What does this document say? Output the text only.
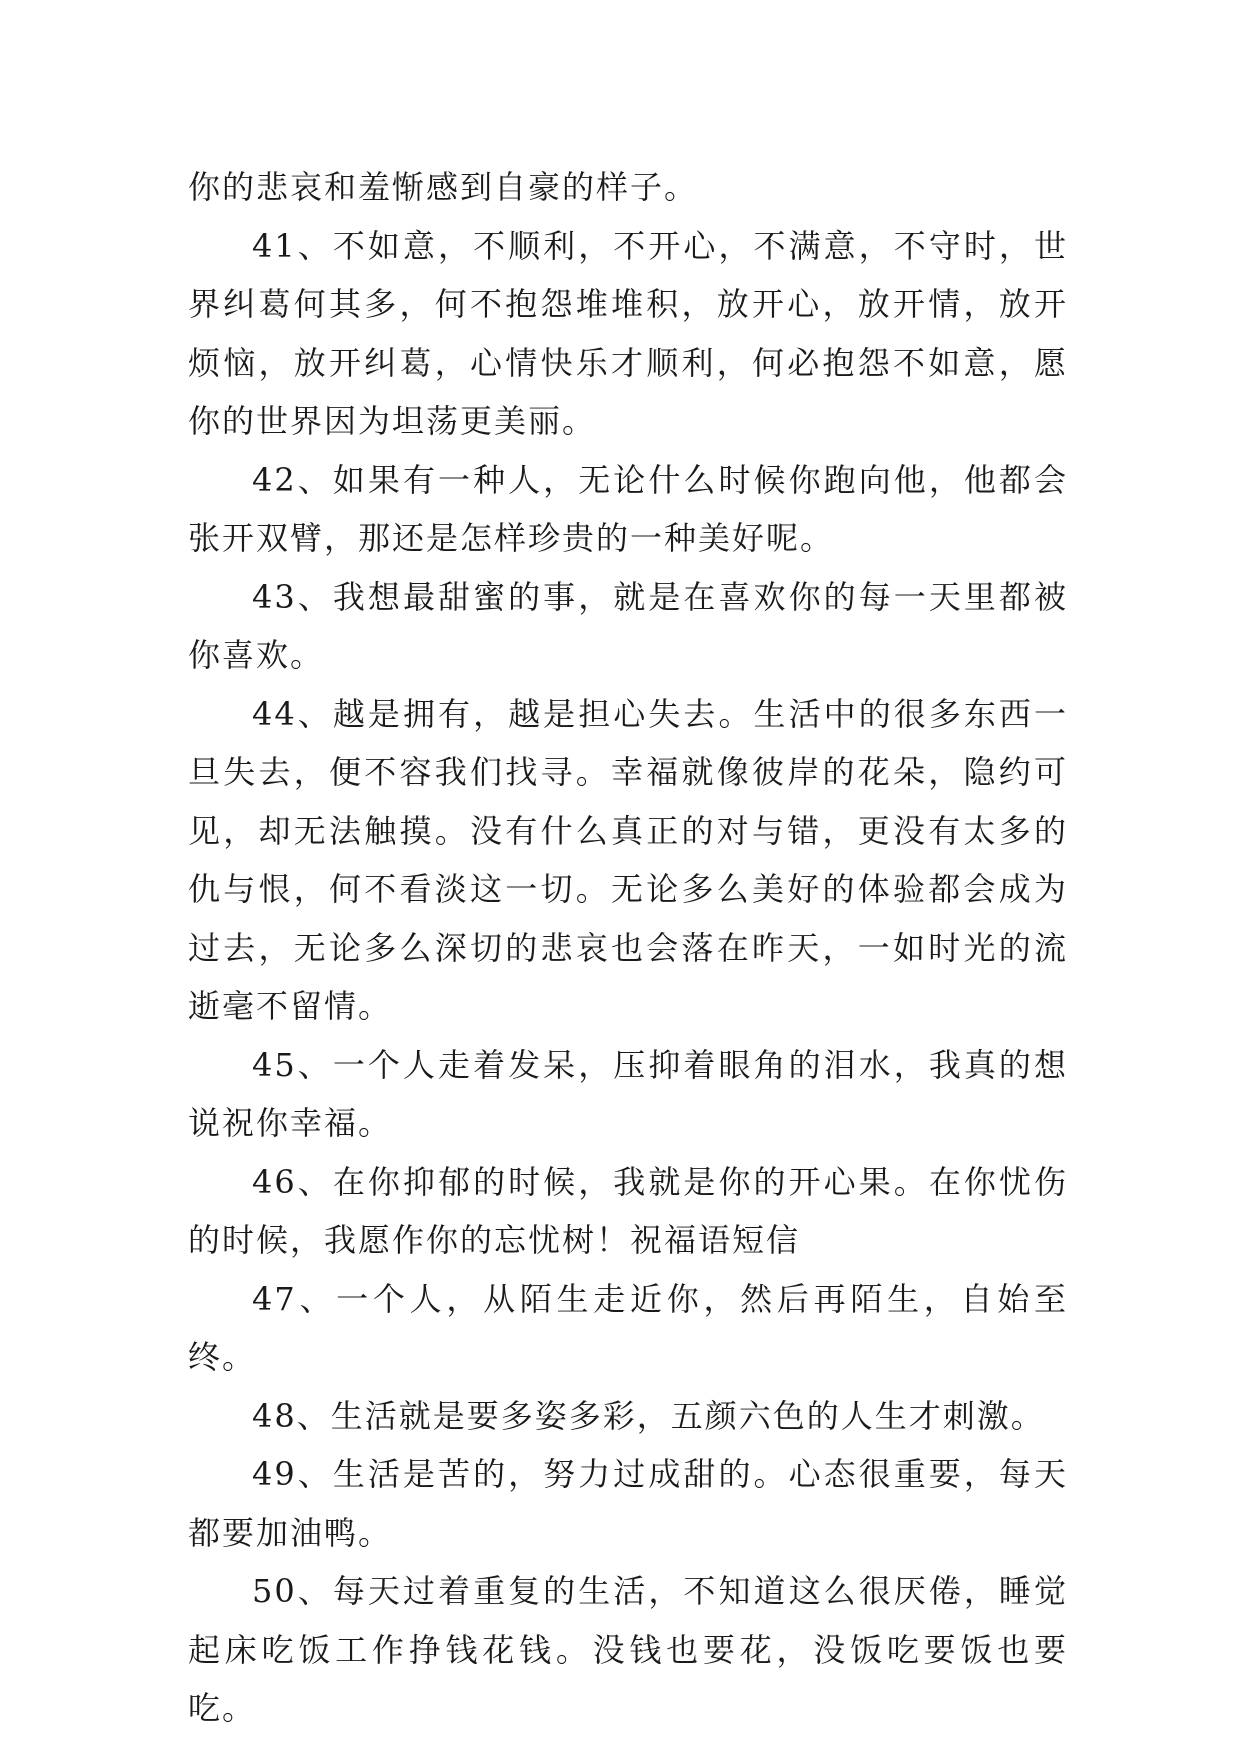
你的悲哀和羞惭感到自豪的样子。

41、不如意，不顺利，不开心，不满意，不守时，世界纠葛何其多，何不抱怨堆堆积，放开心，放开情，放开烦恼，放开纠葛，心情快乐才顺利，何必抱怨不如意，愿你的世界因为坦荡更美丽。

42、如果有一种人，无论什么时候你跑向他，他都会张开双臂，那还是怎样珍贵的一种美好呢。

43、我想最甜蜜的事，就是在喜欢你的每一天里都被你喜欢。

44、越是拥有，越是担心失去。生活中的很多东西一旦失去，便不容我们找寻。幸福就像彼岸的花朵，隐约可见，却无法触摸。没有什么真正的对与错，更没有太多的仇与恨，何不看淡这一切。无论多么美好的体验都会成为过去，无论多么深切的悲哀也会落在昨天，一如时光的流逝毫不留情。

45、一个人走着发呆，压抑着眼角的泪水，我真的想说祝你幸福。

46、在你抑郁的时候，我就是你的开心果。在你忧伤的时候，我愿作你的忘忧树！祝福语短信

47、一个人，从陌生走近你，然后再陌生，自始至终。

48、生活就是要多姿多彩，五颜六色的人生才刺激。

49、生活是苦的，努力过成甜的。心态很重要，每天都要加油鸭。

50、每天过着重复的生活，不知道这么很厌倦，睡觉起床吃饭工作挣钱花钱。没钱也要花，没饭吃要饭也要吃。
